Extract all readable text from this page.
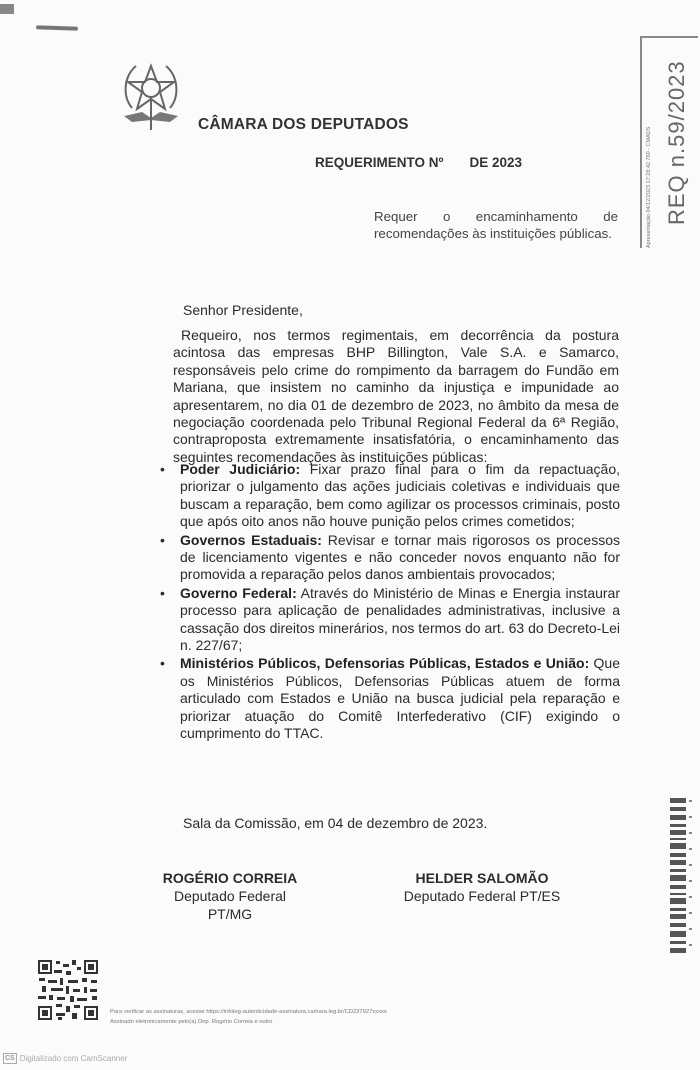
CÂMARA DOS DEPUTADOS
REQUERIMENTO Nº DE 2023	Apresentação 04/12/2023 17:28:42.760 - CMADS REQ n.59/2023
Requer o encaminhamento de recomendações às instituições públicas.
Senhor Presidente,
Requeiro, nos termos regimentais, em decorrência da postura acintosa das empresas BHP Billington, Vale S.A. e Samarco, responsáveis pelo crime do rompimento da barragem do Fundão em Mariana, que insistem no caminho da injustiça e impunidade ao apresentarem, no dia 01 de dezembro de 2023, no âmbito da mesa de negociação coordenada pelo Tribunal Regional Federal da 6ª Região, contraproposta extremamente insatisfatória, o encaminhamento das seguintes recomendações às instituições públicas:
• Poder Judiciário: Fixar prazo final para o fim da repactuação, priorizar o julgamento das ações judiciais coletivas e individuais que buscam a reparação, bem como agilizar os processos criminais, posto que após oito anos não houve punição pelos crimes cometidos;
• Governos Estaduais: Revisar e tornar mais rigorosos os processos de licenciamento vigentes e não conceder novos enquanto não for promovida a reparação pelos danos ambientais provocados;
• Governo Federal: Através do Ministério de Minas e Energia instaurar processo para aplicação de penalidades administrativas, inclusive a cassação dos direitos minerários, nos termos do art. 63 do Decreto-Lei n. 227/67;
• Ministérios Públicos, Defensorias Públicas, Estados e União: Que os Ministérios Públicos, Defensorias Públicas atuem de forma articulado com Estados e União na busca judicial pela reparação e priorizar atuação do Comitê Interfederativo (CIF) exigindo o cumprimento do TTAC.
Sala da Comissão, em 04 de dezembro de 2023.
ROGÉRIO CORREIA
Deputado Federal PT/MG
HELDER SALOMÃO
Deputado Federal PT/ES
Para verificar as assinaturas, acesse https://infoleg-autenticidade-assinatura.camara.leg.br/CD237927xxxxx
Assinado eletronicamente pelo(a) Dep. Rogério Correia e outro
CS Digitalizado com CamScanner
